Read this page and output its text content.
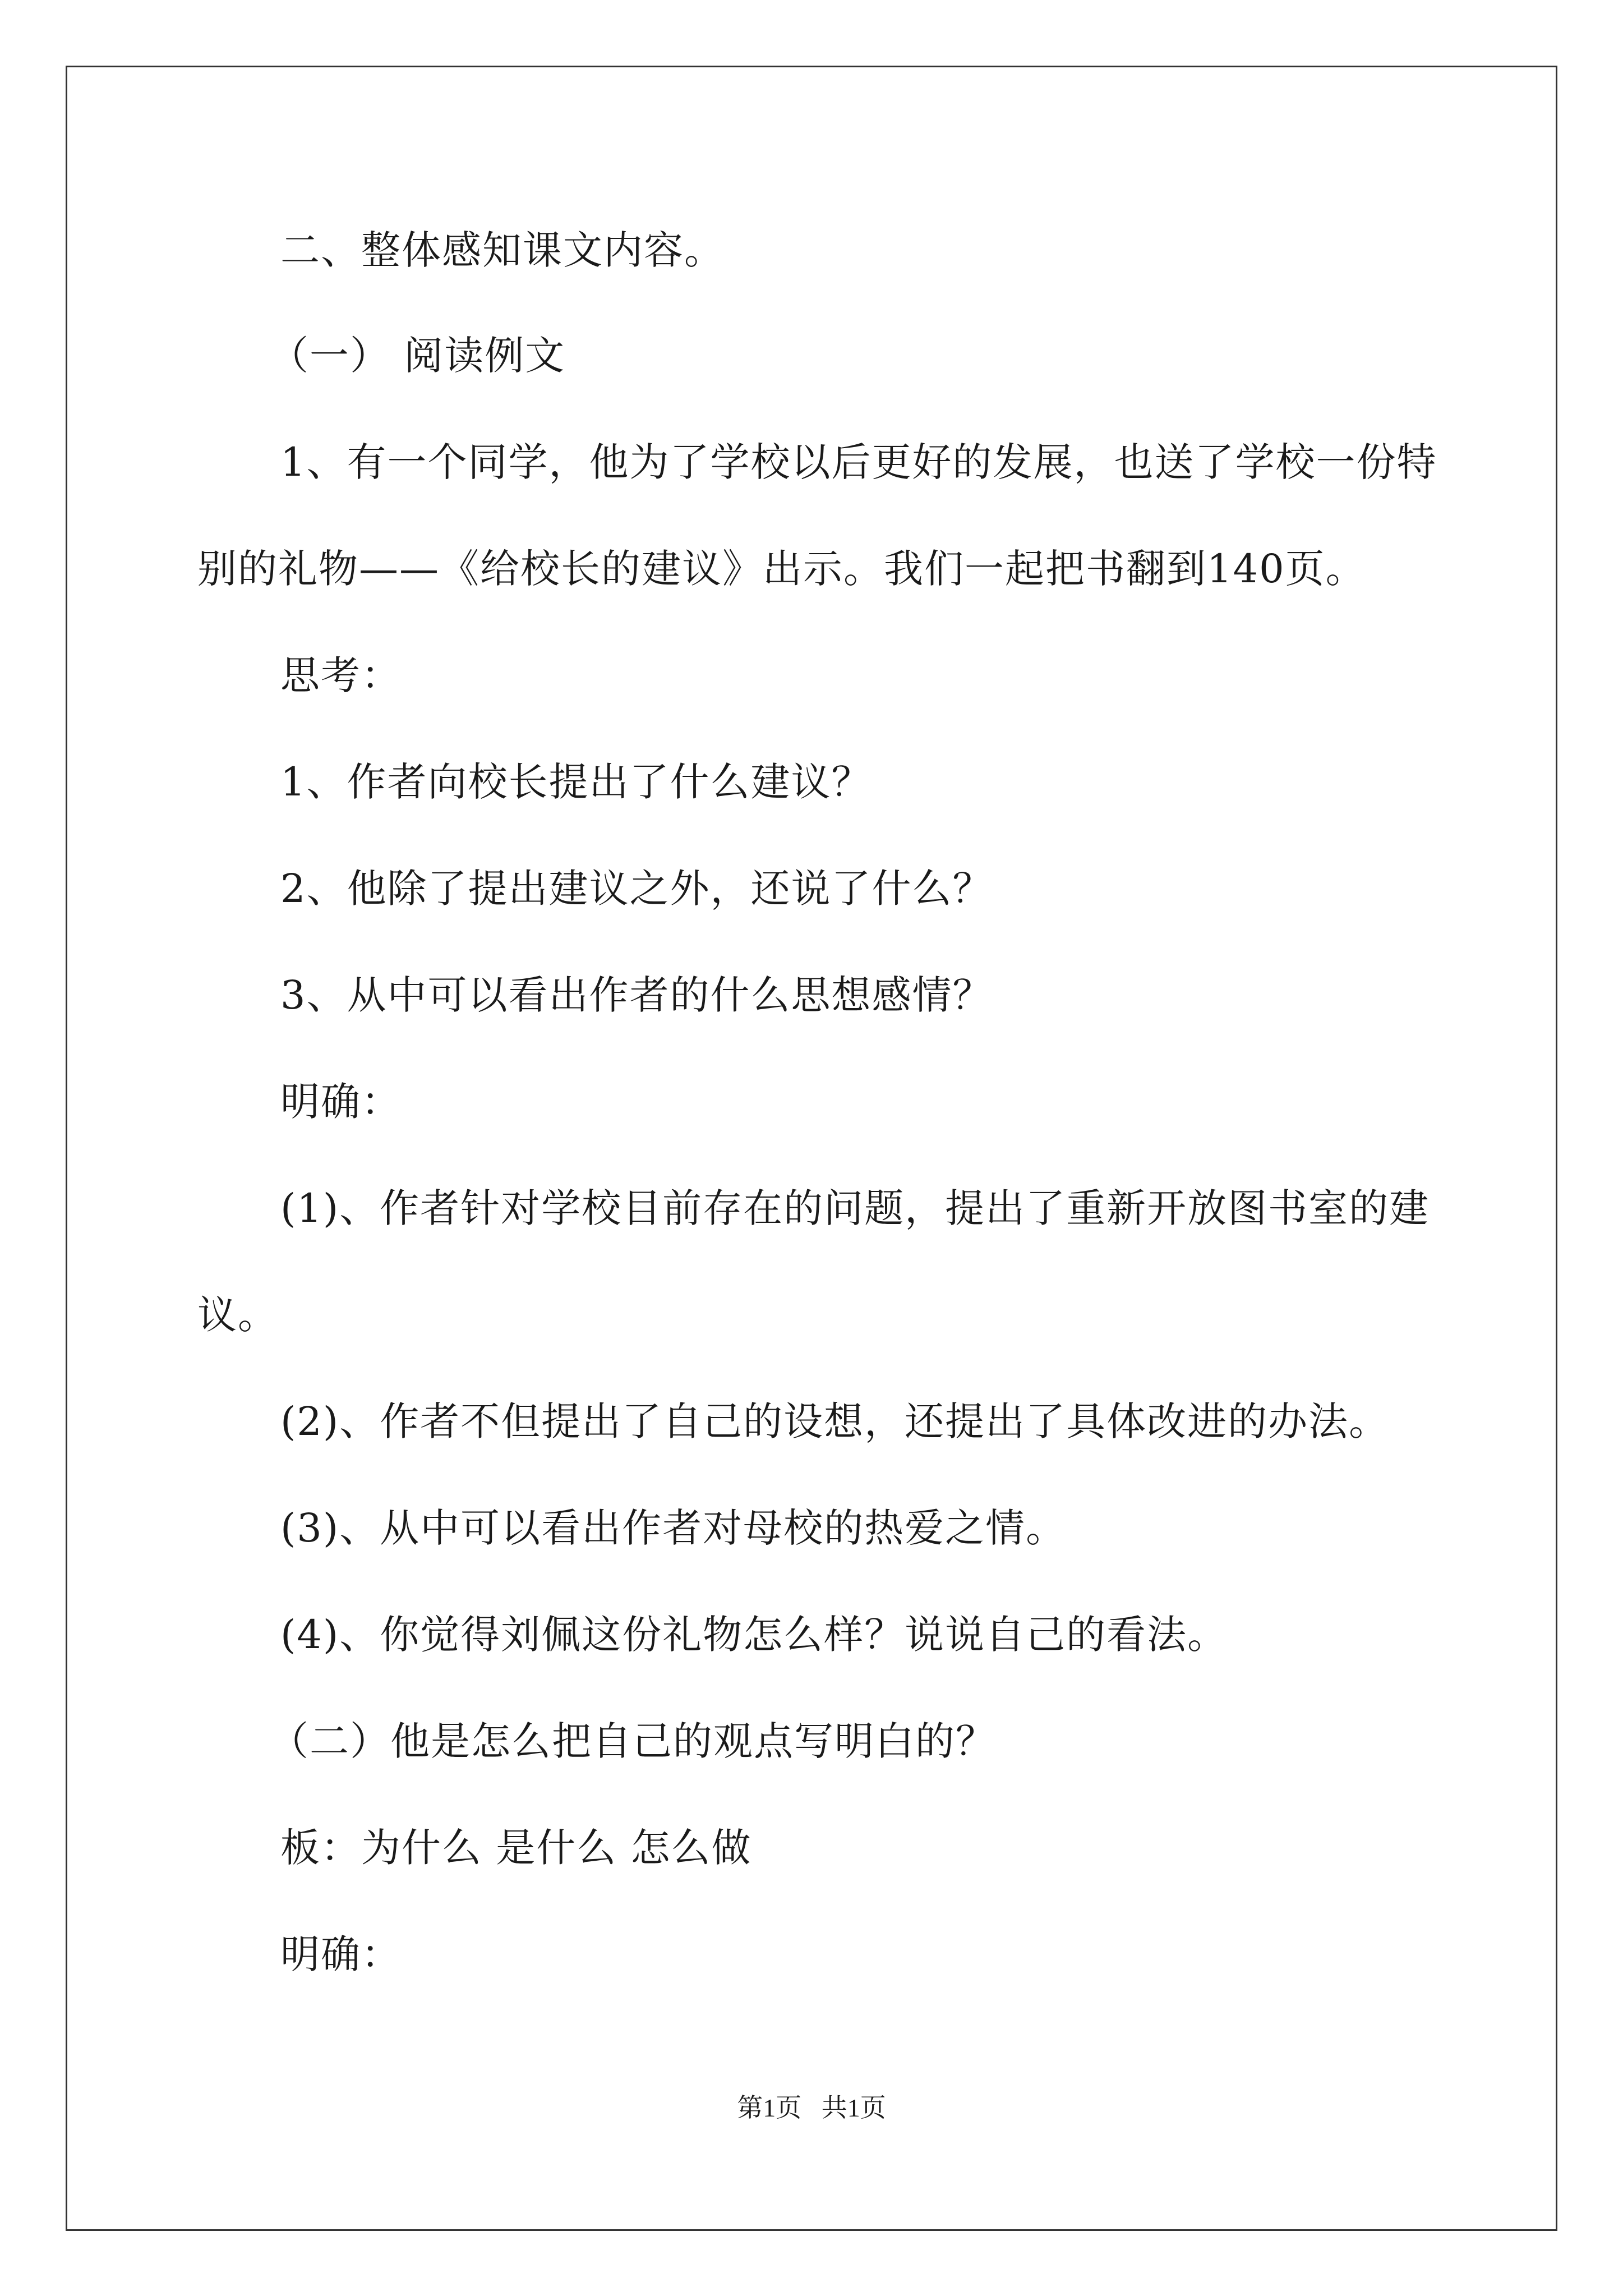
二、整体感知课文内容。
（一） 阅读例文
1、有一个同学，他为了学校以后更好的发展，也送了学校一份特
别的礼物——《给校长的建议》出示。我们一起把书翻到140页。
思考：
1、作者向校长提出了什么建议？
2、他除了提出建议之外，还说了什么？
3、从中可以看出作者的什么思想感情？
明确：
(1)、作者针对学校目前存在的问题，提出了重新开放图书室的建
议。
(2)、作者不但提出了自己的设想，还提出了具体改进的办法。
(3)、从中可以看出作者对母校的热爱之情。
(4)、你觉得刘佩这份礼物怎么样？说说自己的看法。
（二）他是怎么把自己的观点写明白的？
板：为什么 是什么 怎么做
明确：
第1页 共1页
